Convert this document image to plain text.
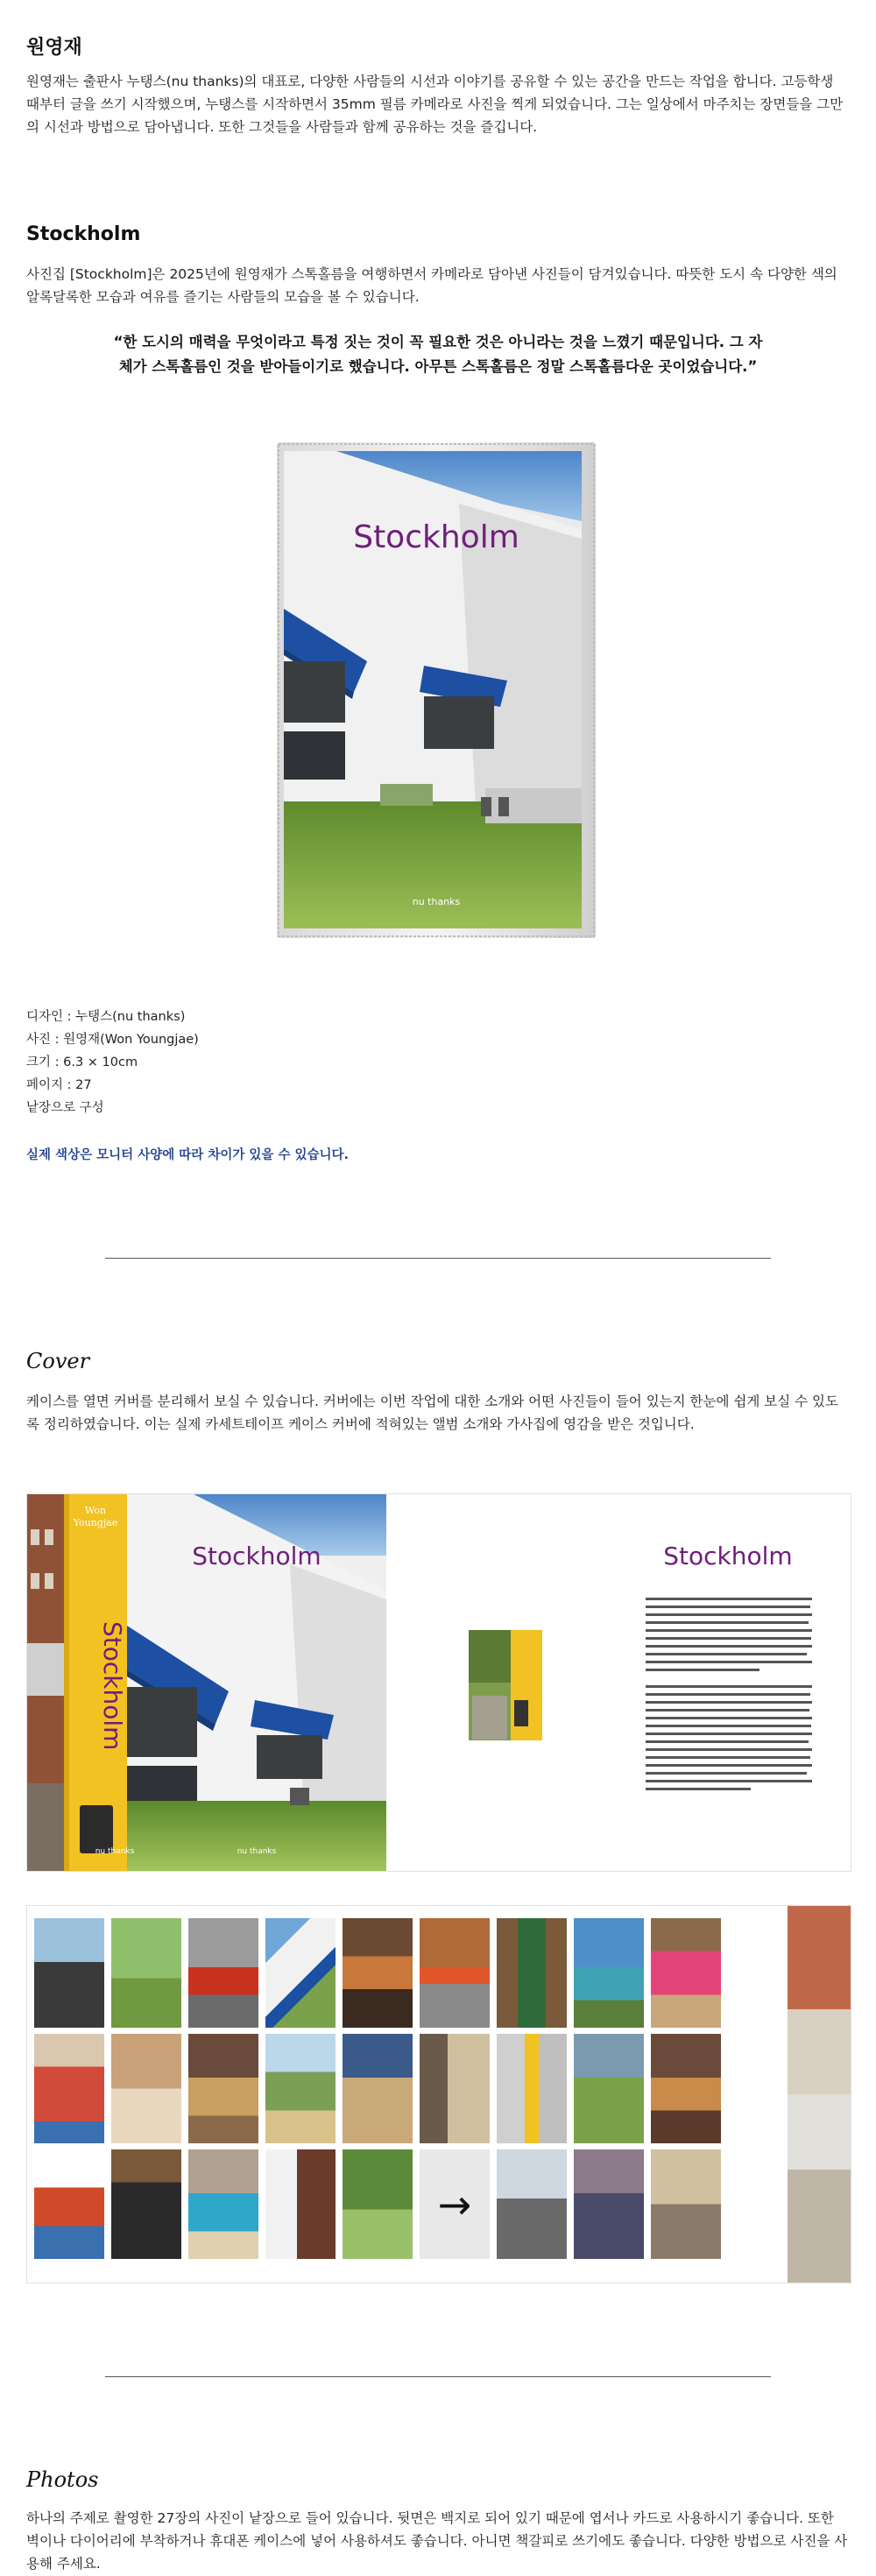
원영재

원영재는 출판사 누탱스(nu thanks)의 대표로, 다양한 사람들의 시선과 이야기를 공유할 수 있는 공간을 만드는 작업을 합니다. 고등학생 때부터 글을 쓰기 시작했으며, 누탱스를 시작하면서 35mm 필름 카메라로 사진을 찍게 되었습니다. 그는 일상에서 마주치는 장면들을 그만의 시선과 방법으로 담아냅니다. 또한 그것들을 사람들과 함께 공유하는 것을 즐깁니다.

Stockholm

사진집 [Stockholm]은 2025년에 원영재가 스톡홀름을 여행하면서 카메라로 담아낸 사진들이 담겨있습니다. 따뜻한 도시 속 다양한 색의 알록달록한 모습과 여유를 즐기는 사람들의 모습을 볼 수 있습니다.

“한 도시의 매력을 무엇이라고 특정 짓는 것이 꼭 필요한 것은 아니라는 것을 느꼈기 때문입니다. 그 자
체가 스톡홀름인 것을 받아들이기로 했습니다. 아무튼 스톡홀름은 정말 스톡홀름다운 곳이었습니다.”
Stockholm
nu thanks
디자인 : 누탱스(nu thanks)
사진 : 원영재(Won Youngjae)
크기 : 6.3 × 10cm
페이지 : 27
낱장으로 구성
실제 색상은 모니터 사양에 따라 차이가 있을 수 있습니다.
Cover

케이스를 열면 커버를 분리해서 보실 수 있습니다. 커버에는 이번 작업에 대한 소개와 어떤 사진들이 들어 있는지 한눈에 쉽게 보실 수 있도록 정리하였습니다. 이는 실제 카세트테이프 케이스 커버에 적혀있는 앨범 소개와 가사집에 영감을 받은 것입니다.

Stockholm	Stockholm
Won
Youngjae
Stockholm
nu thanks	nu thanks
→
Photos

하나의 주제로 촬영한 27장의 사진이 낱장으로 들어 있습니다. 뒷면은 백지로 되어 있기 때문에 엽서나 카드로 사용하시기 좋습니다. 또한 벽이나 다이어리에 부착하거나 휴대폰 케이스에 넣어 사용하셔도 좋습니다. 아니면 책갈피로 쓰기에도 좋습니다. 다양한 방법으로 사진을 사용해 주세요.
